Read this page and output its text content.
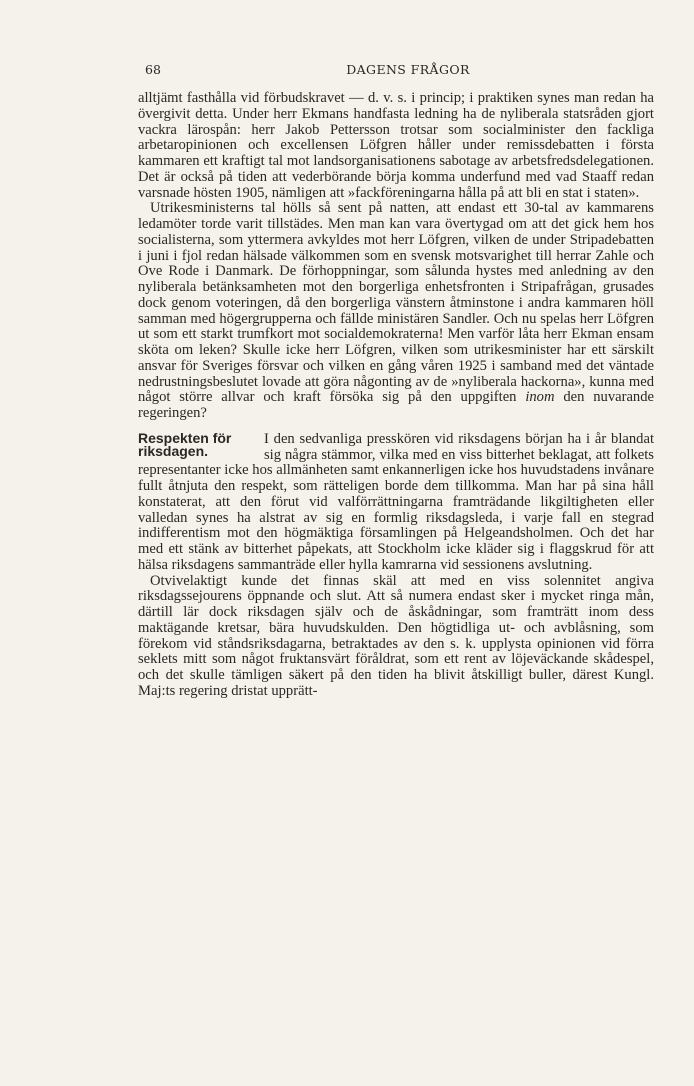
68	DAGENS FRÅGOR

alltjämt fasthålla vid förbudskravet — d. v. s. i princip; i praktiken synes man redan ha övergivit detta. Under herr Ekmans handfasta ledning ha de nyliberala statsråden gjort vackra lärospån: herr Jakob Pettersson trotsar som socialminister den fackliga arbetaropinionen och excellensen Löfgren håller under remissdebatten i första kammaren ett kraftigt tal mot landsorganisationens sabotage av arbetsfredsdelegationen. Det är också på tiden att vederbörande börja komma underfund med vad Staaff redan varsnade hösten 1905, nämligen att »fackföreningarna hålla på att bli en stat i staten».

Utrikesministerns tal hölls så sent på natten, att endast ett 30-tal av kammarens ledamöter torde varit tillstädes. Men man kan vara övertygad om att det gick hem hos socialisterna, som yttermera avkyldes mot herr Löfgren, vilken de under Stripadebatten i juni i fjol redan hälsade välkommen som en svensk motsvarighet till herrar Zahle och Ove Rode i Danmark. De förhoppningar, som sålunda hystes med anledning av den nyliberala betänksamheten mot den borgerliga enhetsfronten i Stripafrågan, grusades dock genom voteringen, då den borgerliga vänstern åtminstone i andra kammaren höll samman med högergrupperna och fällde ministären Sandler. Och nu spelas herr Löfgren ut som ett starkt trumfkort mot socialdemokraterna! Men varför låta herr Ekman ensam sköta om leken? Skulle icke herr Löfgren, vilken som utrikesminister har ett särskilt ansvar för Sveriges försvar och vilken en gång våren 1925 i samband med det väntade nedrustningsbeslutet lovade att göra någonting av de »nyliberala hackorna», kunna med något större allvar och kraft försöka sig på den uppgiften inom den nuvarande regeringen?

Respekten för
riksdagen.

I den sedvanliga presskören vid riksdagens början ha i år blandat sig några stämmor, vilka med en viss bitterhet beklagat, att folkets representanter icke hos allmänheten samt enkannerligen icke hos huvudstadens invånare fullt åtnjuta den respekt, som rätteligen borde dem tillkomma. Man har på sina håll konstaterat, att den förut vid valförrättningarna framträdande likgiltigheten eller valledan synes ha alstrat av sig en formlig riksdagsleda, i varje fall en stegrad indifferentism mot den högmäktiga församlingen på Helgeandsholmen. Och det har med ett stänk av bitterhet påpekats, att Stockholm icke kläder sig i flaggskrud för att hälsa riksdagens sammanträde eller hylla kamrarna vid sessionens avslutning.

Otvivelaktigt kunde det finnas skäl att med en viss solennitet angiva riksdagssejourens öppnande och slut. Att så numera endast sker i mycket ringa mån, därtill lär dock riksdagen själv och de åskådningar, som framträtt inom dess maktägande kretsar, bära huvudskulden. Den högtidliga ut- och avblåsning, som förekom vid ståndsriksdagarna, betraktades av den s. k. upplysta opinionen vid förra seklets mitt som något fruktansvärt föråldrat, som ett rent av löjeväckande skådespel, och det skulle tämligen säkert på den tiden ha blivit åtskilligt buller, därest Kungl. Maj:ts regering dristat upprätt-
